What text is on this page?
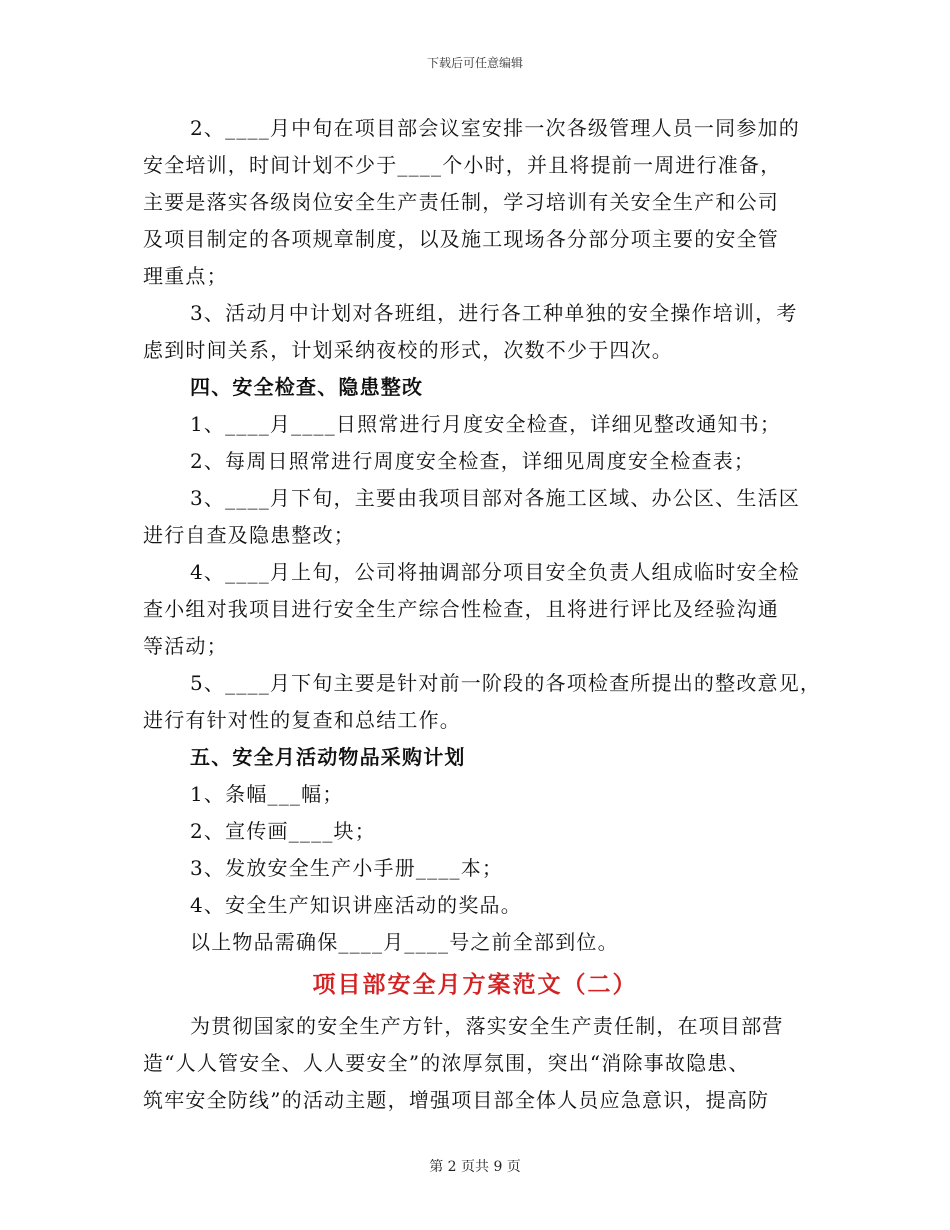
下载后可任意编辑
2、____月中旬在项目部会议室安排一次各级管理人员一同参加的
安全培训，时间计划不少于____个小时，并且将提前一周进行准备，
主要是落实各级岗位安全生产责任制，学习培训有关安全生产和公司
及项目制定的各项规章制度，以及施工现场各分部分项主要的安全管
理重点；
3、活动月中计划对各班组，进行各工种单独的安全操作培训，考
虑到时间关系，计划采纳夜校的形式，次数不少于四次。
四、安全检查、隐患整改
1、____月____日照常进行月度安全检查，详细见整改通知书；
2、每周日照常进行周度安全检查，详细见周度安全检查表；
3、____月下旬，主要由我项目部对各施工区域、办公区、生活区
进行自查及隐患整改；
4、____月上旬，公司将抽调部分项目安全负责人组成临时安全检
查小组对我项目进行安全生产综合性检查，且将进行评比及经验沟通
等活动；
5、____月下旬主要是针对前一阶段的各项检查所提出的整改意见，
进行有针对性的复查和总结工作。
五、安全月活动物品采购计划
1、条幅___幅；
2、宣传画____块；
3、发放安全生产小手册____本；
4、安全生产知识讲座活动的奖品。
以上物品需确保____月____号之前全部到位。
项目部安全月方案范文（二）
为贯彻国家的安全生产方针，落实安全生产责任制，在项目部营
造“人人管安全、人人要安全”的浓厚氛围，突出“消除事故隐患、
筑牢安全防线”的活动主题，增强项目部全体人员应急意识，提高防
第 2 页共 9 页
